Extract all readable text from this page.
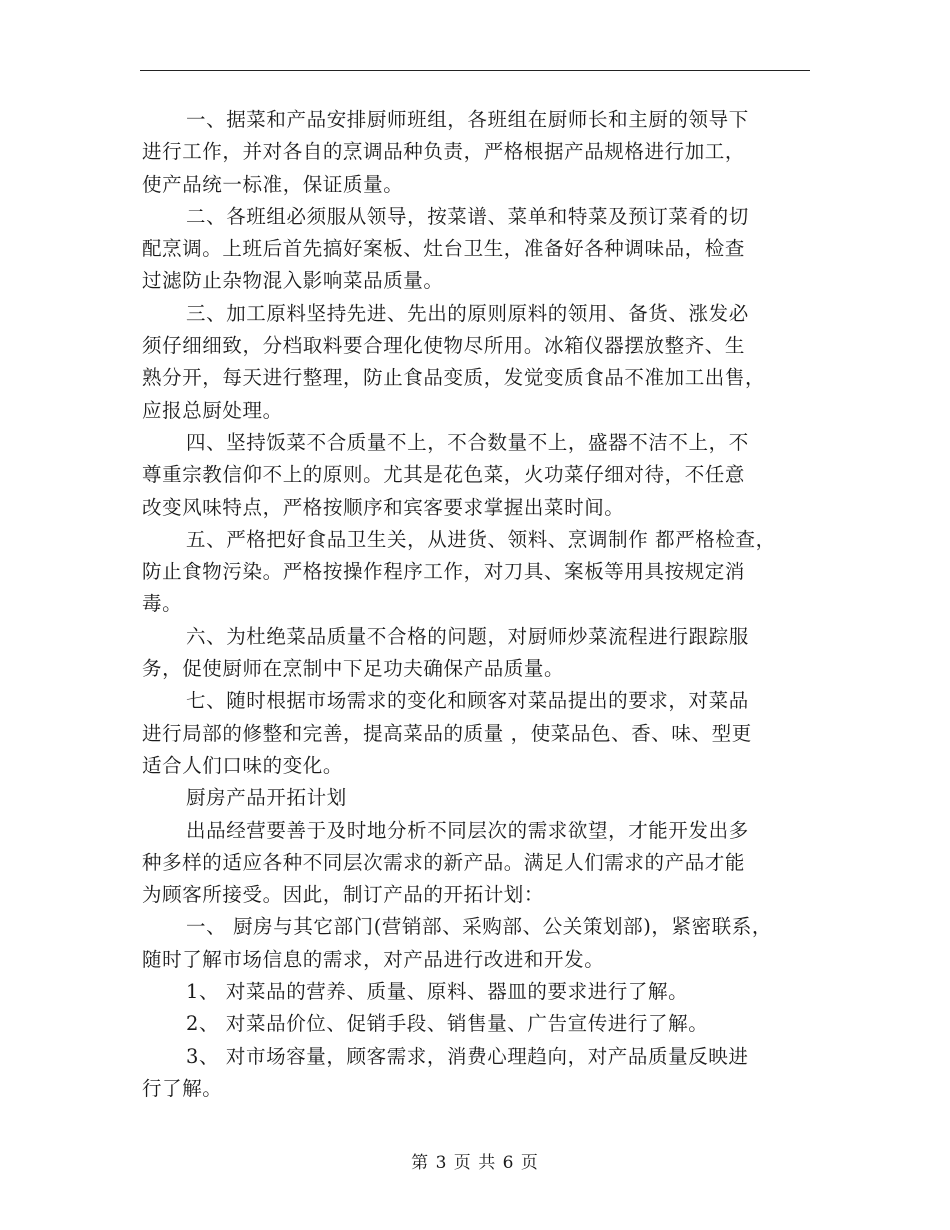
一、据菜和产品安排厨师班组，各班组在厨师长和主厨的领导下
进行工作，并对各自的烹调品种负责，严格根据产品规格进行加工，
使产品统一标准，保证质量。
二、各班组必须服从领导，按菜谱、菜单和特菜及预订菜肴的切
配烹调。上班后首先搞好案板、灶台卫生，准备好各种调味品，检查
过滤防止杂物混入影响菜品质量。
三、加工原料坚持先进、先出的原则原料的领用、备货、涨发必
须仔细细致，分档取料要合理化使物尽所用。冰箱仪器摆放整齐、生
熟分开，每天进行整理，防止食品变质，发觉变质食品不准加工出售，
应报总厨处理。
四、坚持饭菜不合质量不上，不合数量不上，盛器不洁不上，不
尊重宗教信仰不上的原则。尤其是花色菜，火功菜仔细对待，不任意
改变风味特点，严格按顺序和宾客要求掌握出菜时间。
五、严格把好食品卫生关，从进货、领料、烹调制作 都严格检查，
防止食物污染。严格按操作程序工作，对刀具、案板等用具按规定消
毒。
六、为杜绝菜品质量不合格的问题，对厨师炒菜流程进行跟踪服
务，促使厨师在烹制中下足功夫确保产品质量。
七、随时根据市场需求的变化和顾客对菜品提出的要求，对菜品
进行局部的修整和完善，提高菜品的质量 ，使菜品色、香、味、型更
适合人们口味的变化。
厨房产品开拓计划
出品经营要善于及时地分析不同层次的需求欲望，才能开发出多
种多样的适应各种不同层次需求的新产品。满足人们需求的产品才能
为顾客所接受。因此，制订产品的开拓计划：
一、 厨房与其它部门(营销部、采购部、公关策划部)，紧密联系，
随时了解市场信息的需求，对产品进行改进和开发。
1、 对菜品的营养、质量、原料、器皿的要求进行了解。
2、 对菜品价位、促销手段、销售量、广告宣传进行了解。
3、 对市场容量，顾客需求，消费心理趋向，对产品质量反映进
行了解。
第 3 页 共 6 页
